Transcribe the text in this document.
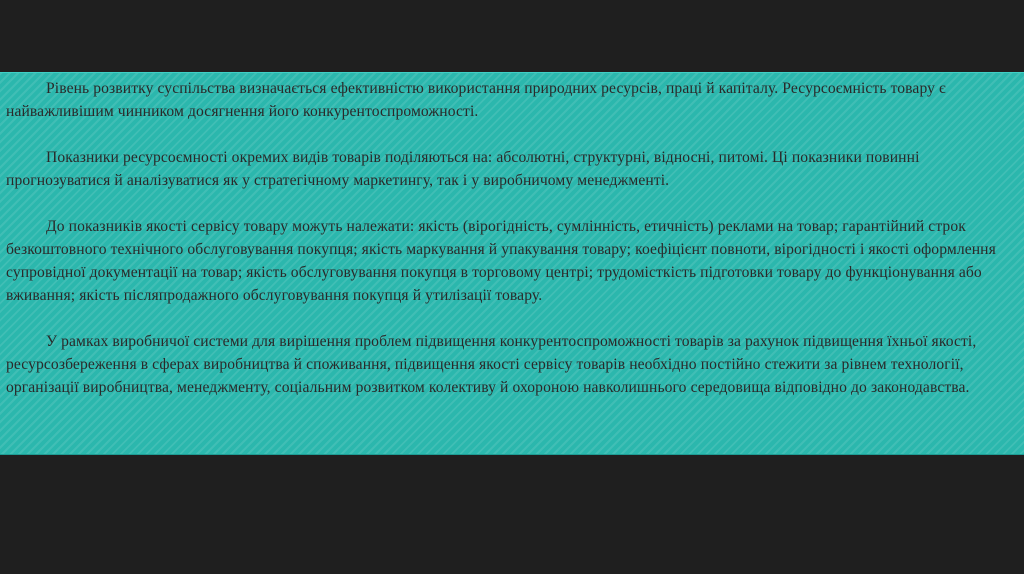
Рівень розвитку суспільства визначається ефективністю використання природних ресурсів, праці й капіталу. Ресурсоємність товару є найважливішим чинником досягнення його конкурентоспроможності.

Показники ресурсоємності окремих видів товарів поділяються на: абсолютні, структурні, відносні, питомі. Ці показники повинні прогнозуватися й аналізуватися як у стратегічному маркетингу, так і у виробничому менеджменті.

До показників якості сервісу товару можуть належати: якість (вірогідність, сумлінність, етичність) реклами на товар; гарантійний строк безкоштовного технічного обслуговування покупця; якість маркування й упакування товару; коефіцієнт повноти, вірогідності і якості оформлення супровідної документації на товар; якість обслуговування покупця в торговому центрі; трудомісткість підготовки товару до функціонування або вживання; якість післяпродажного обслуговування покупця й утилізації товару.

У рамках виробничої системи для вирішення проблем підвищення конкурентоспроможності товарів за рахунок підвищення їхньої якості, ресурсозбереження в сферах виробництва й споживання, підвищення якості сервісу товарів необхідно постійно стежити за рівнем технології, організації виробництва, менеджменту, соціальним розвитком колективу й охороною навколишнього середовища відповідно до законодавства.
